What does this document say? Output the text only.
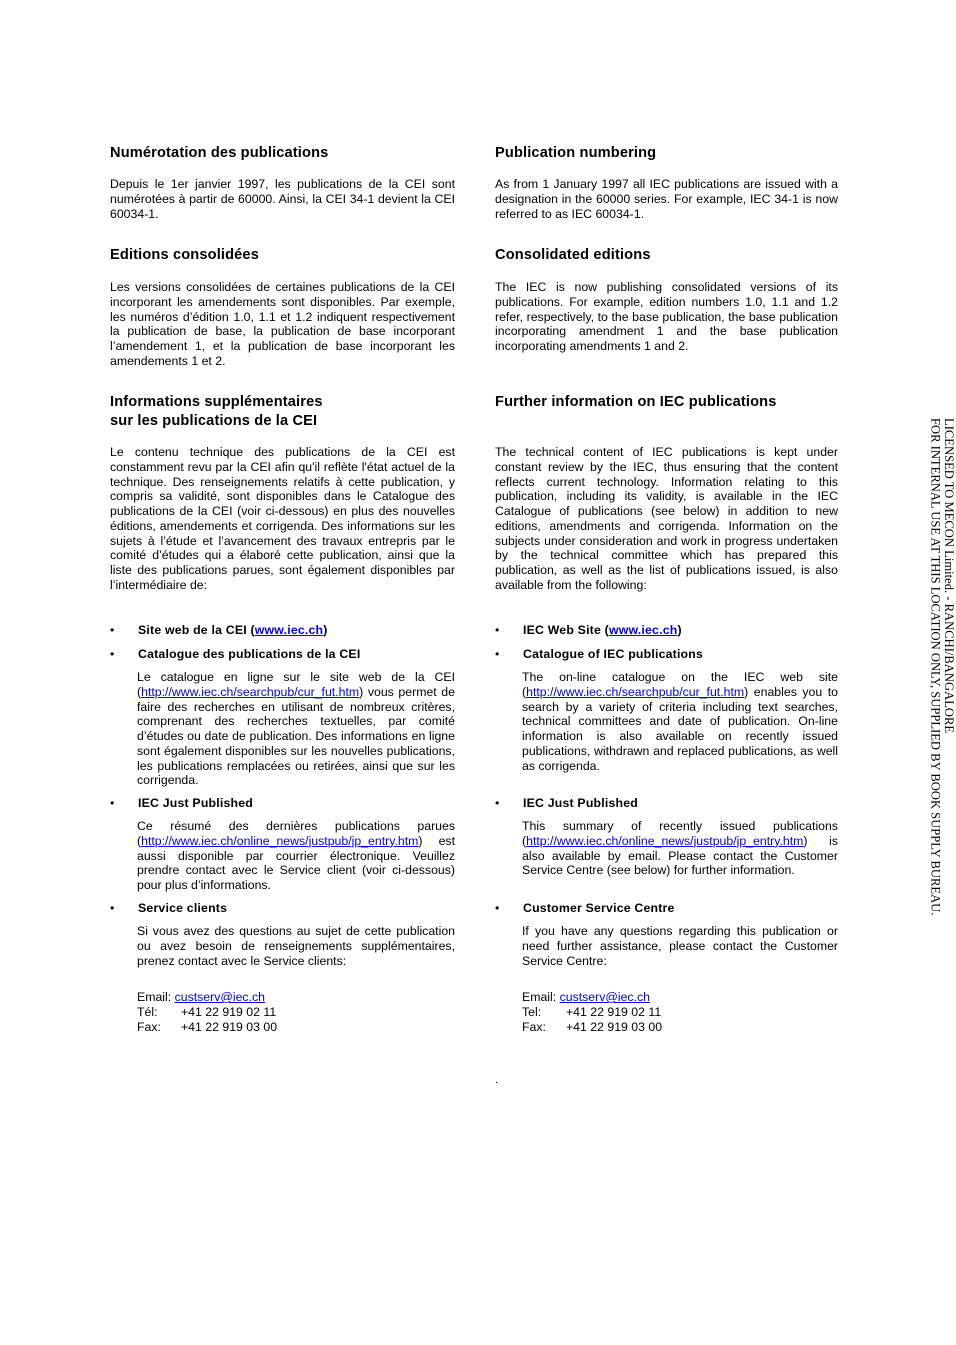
Numérotation des publications

Depuis le 1er janvier 1997, les publications de la CEI sont numérotées à partir de 60000. Ainsi, la CEI 34-1 devient la CEI 60034-1.

Editions consolidées

Les versions consolidées de certaines publications de la CEI incorporant les amendements sont disponibles. Par exemple, les numéros d’édition 1.0, 1.1 et 1.2 indiquent respectivement la publication de base, la publication de base incorporant l’amendement 1, et la publication de base incorporant les amendements 1 et 2.

Informations supplémentaires
sur les publications de la CEI

Le contenu technique des publications de la CEI est constamment revu par la CEI afin qu'il reflète l'état actuel de la technique. Des renseignements relatifs à cette publication, y compris sa validité, sont disponibles dans le Catalogue des publications de la CEI (voir ci-dessous) en plus des nouvelles éditions, amendements et corrigenda. Des informations sur les sujets à l’étude et l’avancement des travaux entrepris par le comité d’études qui a élaboré cette publication, ainsi que la liste des publications parues, sont également disponibles par l’intermédiaire de:

• Site web de la CEI (www.iec.ch)
• Catalogue des publications de la CEI

Le catalogue en ligne sur le site web de la CEI (http://www.iec.ch/searchpub/cur_fut.htm) vous permet de faire des recherches en utilisant de nombreux critères, comprenant des recherches textuelles, par comité d’études ou date de publication. Des informations en ligne sont également disponibles sur les nouvelles publications, les publications remplacées ou retirées, ainsi que sur les corrigenda.

• IEC Just Published

Ce résumé des dernières publications parues (http://www.iec.ch/online_news/justpub/jp_entry.htm) est aussi disponible par courrier électronique. Veuillez prendre contact avec le Service client (voir ci-dessous) pour plus d’informations.

• Service clients

Si vous avez des questions au sujet de cette publication ou avez besoin de renseignements supplémentaires, prenez contact avec le Service clients:

Email: custserv@iec.ch
Tél: +41 22 919 02 11
Fax: +41 22 919 03 00
Publication numbering

As from 1 January 1997 all IEC publications are issued with a designation in the 60000 series. For example, IEC 34-1 is now referred to as IEC 60034-1.

Consolidated editions

The IEC is now publishing consolidated versions of its publications. For example, edition numbers 1.0, 1.1 and 1.2 refer, respectively, to the base publication, the base publication incorporating amendment 1 and the base publication incorporating amendments 1 and 2.

Further information on IEC publications

The technical content of IEC publications is kept under constant review by the IEC, thus ensuring that the content reflects current technology. Information relating to this publication, including its validity, is available in the IEC Catalogue of publications (see below) in addition to new editions, amendments and corrigenda. Information on the subjects under consideration and work in progress undertaken by the technical committee which has prepared this publication, as well as the list of publications issued, is also available from the following:

• IEC Web Site (www.iec.ch)
• Catalogue of IEC publications

The on-line catalogue on the IEC web site (http://www.iec.ch/searchpub/cur_fut.htm) enables you to search by a variety of criteria including text searches, technical committees and date of publication. On-line information is also available on recently issued publications, withdrawn and replaced publications, as well as corrigenda.

• IEC Just Published

This summary of recently issued publications (http://www.iec.ch/online_news/justpub/jp_entry.htm) is also available by email. Please contact the Customer Service Centre (see below) for further information.

• Customer Service Centre

If you have any questions regarding this publication or need further assistance, please contact the Customer Service Centre:

Email: custserv@iec.ch
Tel: +41 22 919 02 11
Fax: +41 22 919 03 00
.
LICENSED TO MECON Limited. - RANCHI/BANGALORE
FOR INTERNAL USE AT THIS LOCATION ONLY, SUPPLIED BY BOOK SUPPLY BUREAU.
